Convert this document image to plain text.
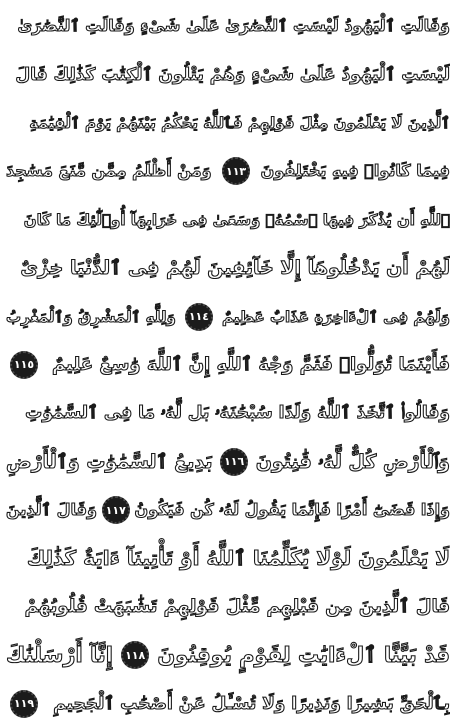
وَقَالَتِ ٱلْيَهُودُ لَيْسَتِ ٱلنَّصَٰرَىٰ عَلَىٰ شَىْءٍ وَقَالَتِ ٱلنَّصَٰرَىٰ
لَيْسَتِ ٱلْيَهُودُ عَلَىٰ شَىْءٍ وَهُمْ يَتْلُونَ ٱلْكِتَٰبَ كَذَٰلِكَ قَالَ
ٱلَّذِينَ لَا يَعْلَمُونَ مِثْلَ قَوْلِهِمْ فَٱللَّهُ يَحْكُمُ بَيْنَهُمْ يَوْمَ ٱلْقِيَٰمَةِ
فِيمَا كَانُوا۟ فِيهِ يَخْتَلِفُونَ
١١٣
وَمَنْ أَظْلَمُ مِمَّن مَّنَعَ مَسَٰجِدَ
ٱللَّهِ أَن يُذْكَرَ فِيهَا ٱسْمُهُۥ وَسَعَىٰ فِى خَرَابِهَآ أُو۟لَٰٓئِكَ مَا كَانَ
لَهُمْ أَن يَدْخُلُوهَآ إِلَّا خَآئِفِينَ لَهُمْ فِى ٱلدُّنْيَا خِزْىٌ
وَلَهُمْ فِى ٱلْءَاخِرَةِ عَذَابٌ عَظِيمٌ
١١٤
وَلِلَّهِ ٱلْمَشْرِقُ وَٱلْمَغْرِبُ
فَأَيْنَمَا تُوَلُّوا۟ فَثَمَّ وَجْهُ ٱللَّهِ إِنَّ ٱللَّهَ وَٰسِعٌ عَلِيمٌ
١١٥
وَقَالُوا۟ ٱتَّخَذَ ٱللَّهُ وَلَدًا سُبْحَٰنَهُۥ بَل لَّهُۥ مَا فِى ٱلسَّمَٰوَٰتِ
وَٱلْأَرْضِ كُلٌّ لَّهُۥ قَٰنِتُونَ
١١٦
بَدِيعُ ٱلسَّمَٰوَٰتِ وَٱلْأَرْضِ
وَإِذَا قَضَىٰٓ أَمْرًا فَإِنَّمَا يَقُولُ لَهُۥ كُن فَيَكُونُ
١١٧
وَقَالَ ٱلَّذِينَ
لَا يَعْلَمُونَ لَوْلَا يُكَلِّمُنَا ٱللَّهُ أَوْ تَأْتِينَآ ءَايَةٌ كَذَٰلِكَ
قَالَ ٱلَّذِينَ مِن قَبْلِهِم مِّثْلَ قَوْلِهِمْ تَشَٰبَهَتْ قُلُوبُهُمْ
قَدْ بَيَّنَّا ٱلْءَايَٰتِ لِقَوْمٍ يُوقِنُونَ
١١٨
إِنَّآ أَرْسَلْنَٰكَ
بِٱلْحَقِّ بَشِيرًا وَنَذِيرًا وَلَا تُسْـَٔلُ عَنْ أَصْحَٰبِ ٱلْجَحِيمِ
١١٩
